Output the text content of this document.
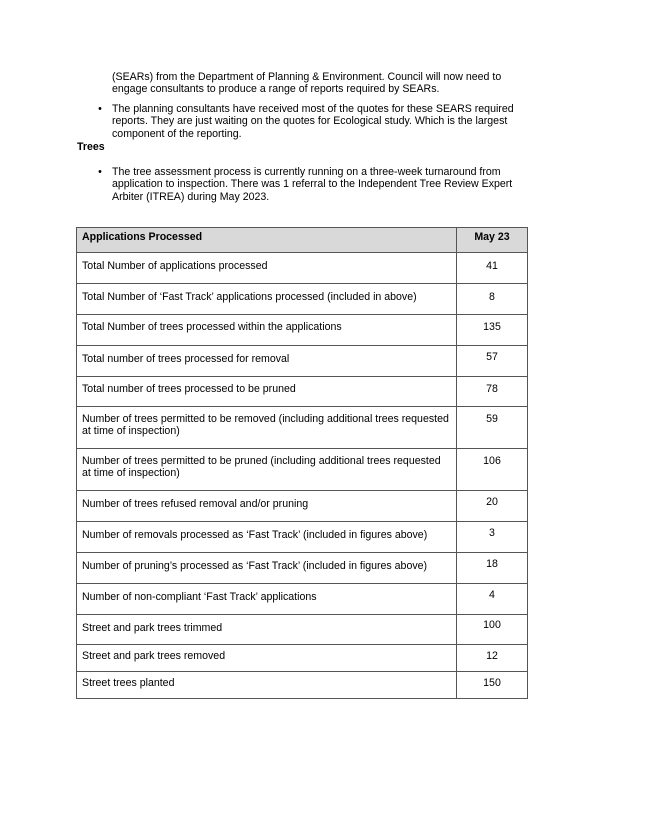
(SEARs) from the Department of Planning & Environment. Council will now need to engage consultants to produce a range of reports required by SEARs.

• The planning consultants have received most of the quotes for these SEARS required reports. They are just waiting on the quotes for Ecological study. Which is the largest component of the reporting.
Trees
• The tree assessment process is currently running on a three-week turnaround from application to inspection. There was 1 referral to the Independent Tree Review Expert Arbiter (ITREA) during May 2023.
Applications Processed	May 23

Total Number of applications processed	41

Total Number of ‘Fast Track’ applications processed (included in above)	8

Total Number of trees processed within the applications	135

Total number of trees processed for removal	57

Total number of trees processed to be pruned	78

Number of trees permitted to be removed (including additional trees requested at time of inspection)	59

Number of trees permitted to be pruned (including additional trees requested at time of inspection)	106

Number of trees refused removal and/or pruning	20

Number of removals processed as ‘Fast Track’ (included in figures above)	3

Number of pruning’s processed as ‘Fast Track’ (included in figures above)	18

Number of non-compliant ‘Fast Track’ applications	4

Street and park trees trimmed	100

Street and park trees removed	12

Street trees planted	150
